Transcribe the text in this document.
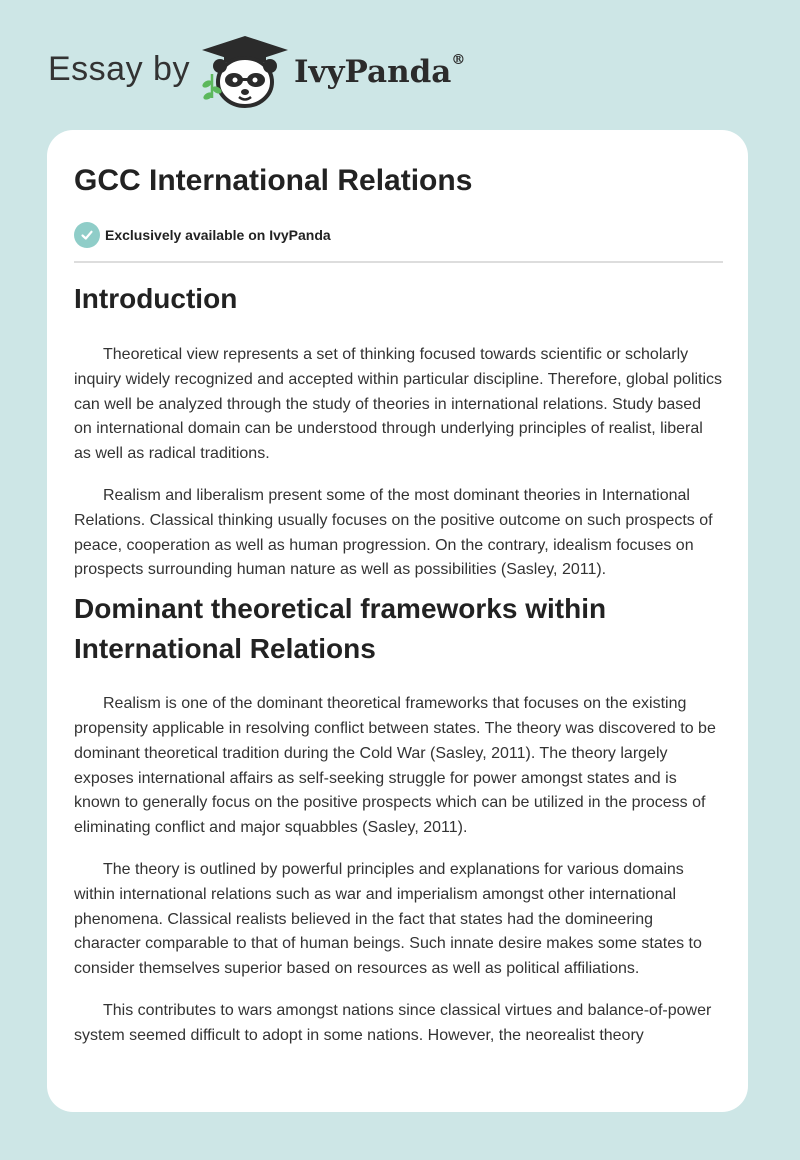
Essay by	IvyPanda®
GCC International Relations
Exclusively available on IvyPanda
Introduction

Theoretical view represents a set of thinking focused towards scientific or scholarly inquiry widely recognized and accepted within particular discipline. Therefore, global politics can well be analyzed through the study of theories in international relations. Study based on international domain can be understood through underlying principles of realist, liberal as well as radical traditions.

Realism and liberalism present some of the most dominant theories in International Relations. Classical thinking usually focuses on the positive outcome on such prospects of peace, cooperation as well as human progression. On the contrary, idealism focuses on prospects surrounding human nature as well as possibilities (Sasley, 2011).

Dominant theoretical frameworks within International Relations

Realism is one of the dominant theoretical frameworks that focuses on the existing propensity applicable in resolving conflict between states. The theory was discovered to be dominant theoretical tradition during the Cold War (Sasley, 2011). The theory largely exposes international affairs as self-seeking struggle for power amongst states and is known to generally focus on the positive prospects which can be utilized in the process of eliminating conflict and major squabbles (Sasley, 2011).

The theory is outlined by powerful principles and explanations for various domains within international relations such as war and imperialism amongst other international phenomena. Classical realists believed in the fact that states had the domineering character comparable to that of human beings. Such innate desire makes some states to consider themselves superior based on resources as well as political affiliations.

This contributes to wars amongst nations since classical virtues and balance-of-power system seemed difficult to adopt in some nations. However, the neorealist theory
